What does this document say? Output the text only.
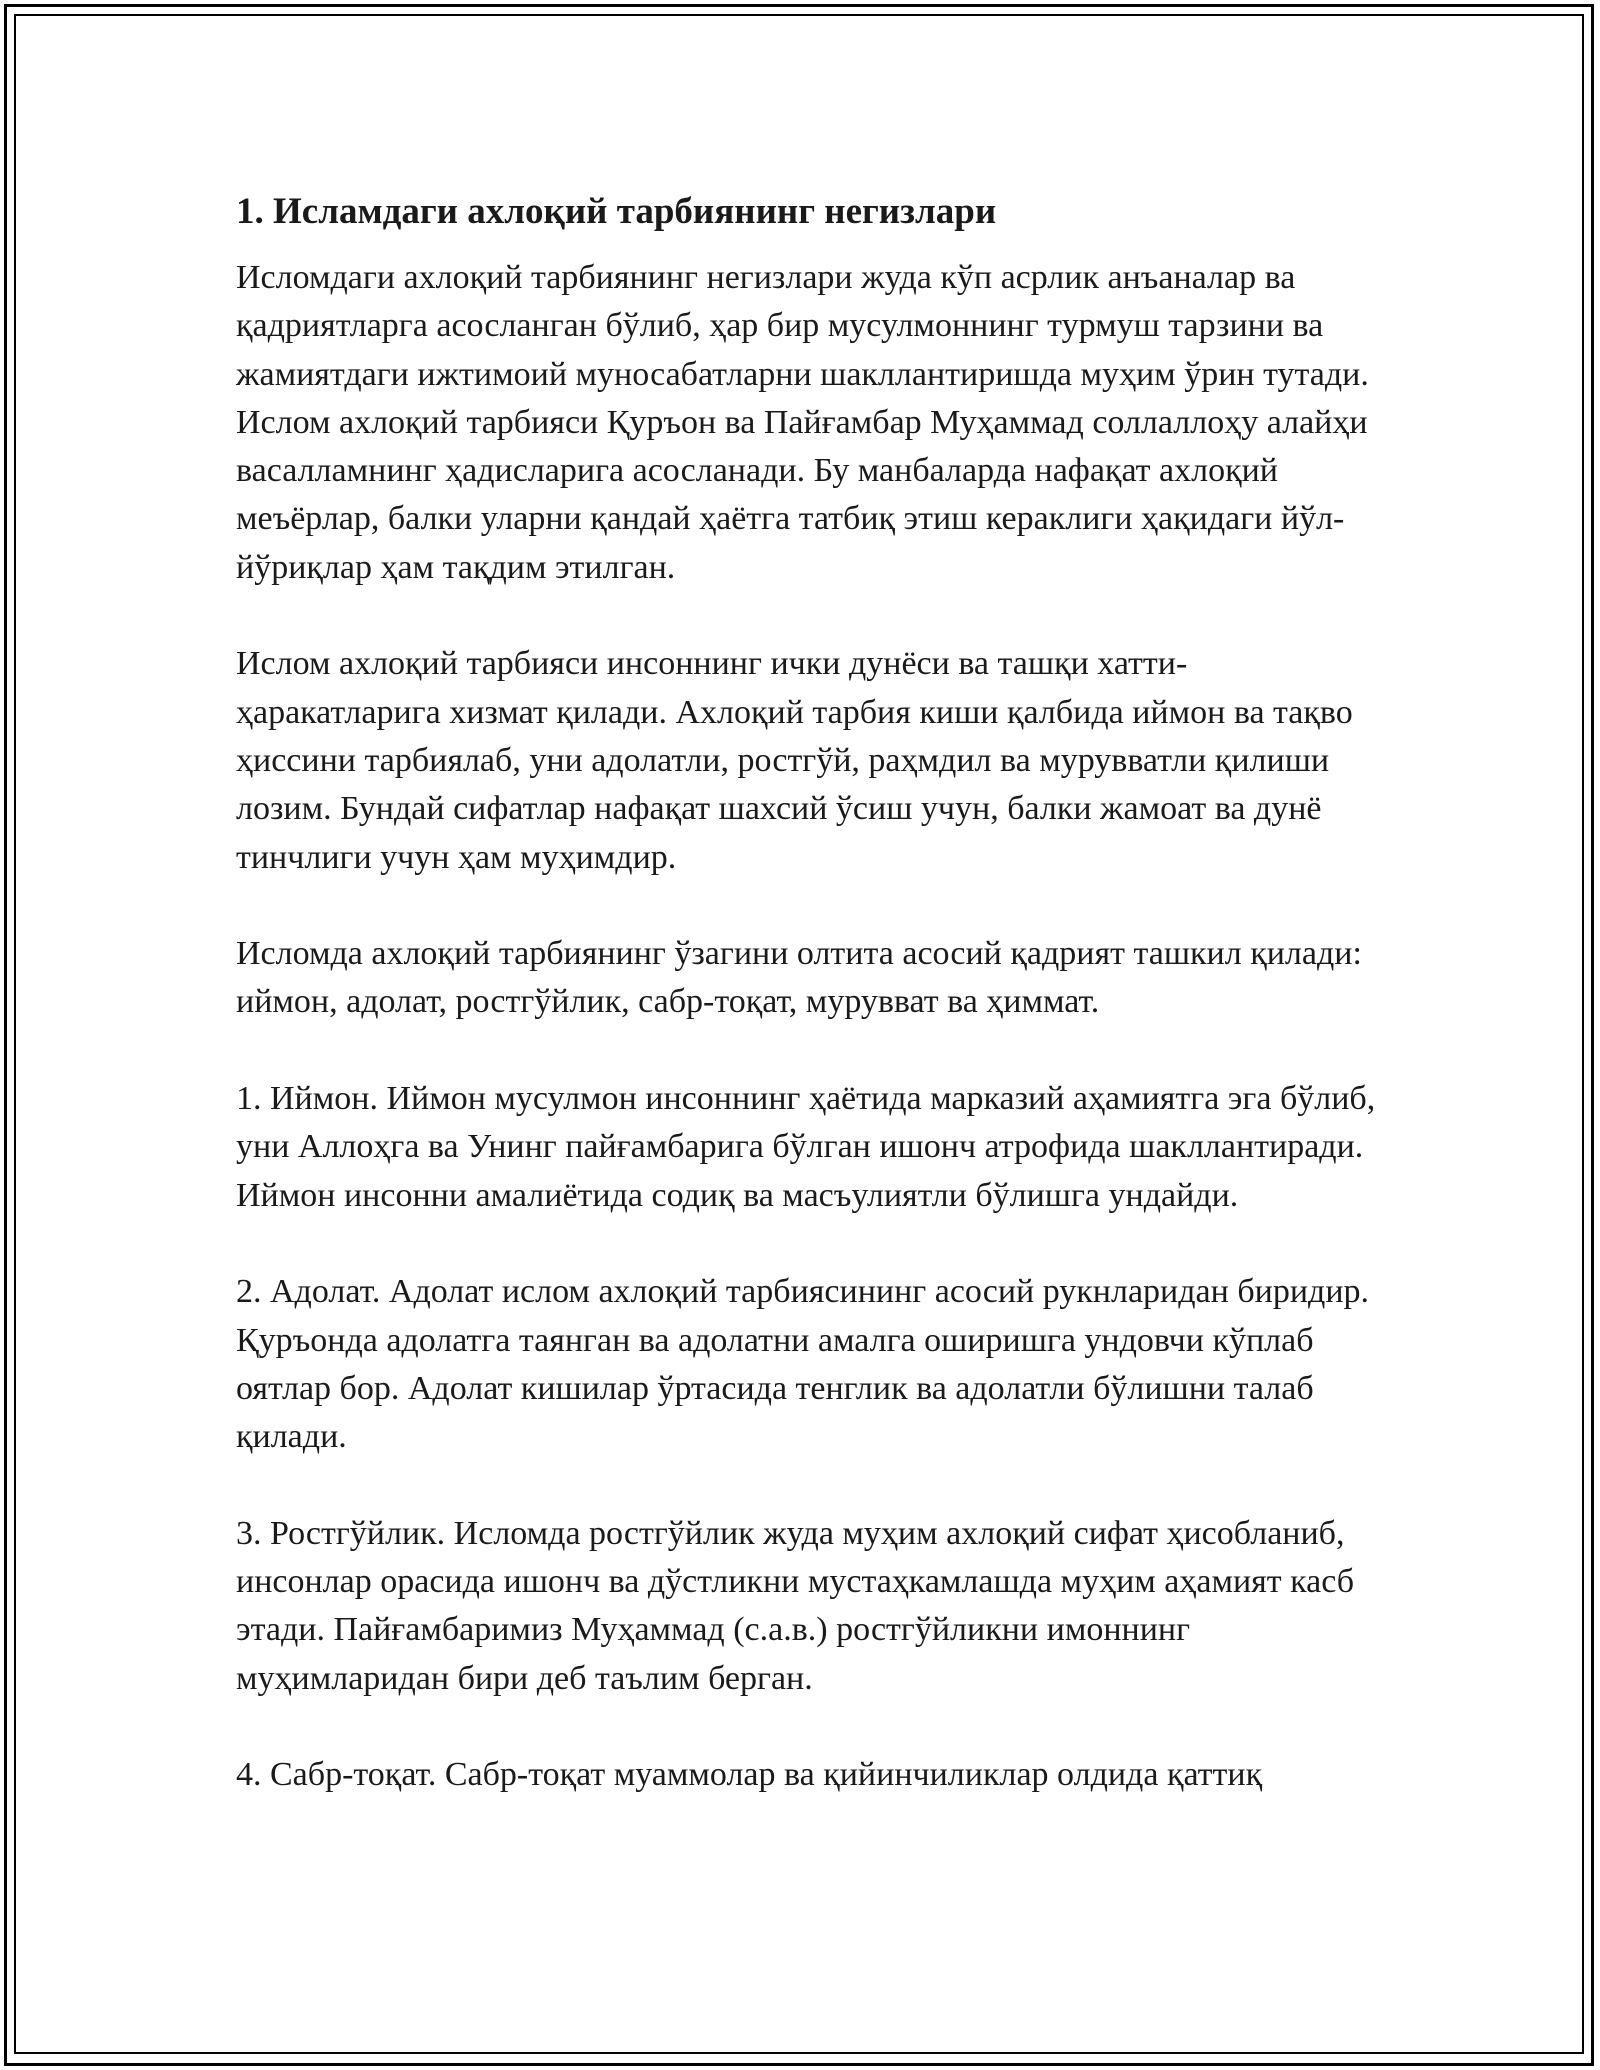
1. Исламдаги ахлоқий тарбиянинг негизлари

Исломдаги ахлоқий тарбиянинг негизлари жуда кўп асрлик анъаналар ва қадриятларга асосланган бўлиб, ҳар бир мусулмоннинг турмуш тарзини ва жамиятдаги ижтимоий муносабатларни шакллантиришда муҳим ўрин тутади. Ислом ахлоқий тарбияси Қуръон ва Пайғамбар Муҳаммад соллаллоҳу алайҳи васалламнинг ҳадисларига асосланади. Бу манбаларда нафақат ахлоқий меъёрлар, балки уларни қандай ҳаётга татбиқ этиш кераклиги ҳақидаги йўл-йўриқлар ҳам тақдим этилган.

Ислом ахлоқий тарбияси инсоннинг ички дунёси ва ташқи хатти-ҳаракатларига хизмат қилади. Ахлоқий тарбия киши қалбида иймон ва тақво ҳиссини тарбиялаб, уни адолатли, ростгўй, раҳмдил ва мурувватли қилиши лозим. Бундай сифатлар нафақат шахсий ўсиш учун, балки жамоат ва дунё тинчлиги учун ҳам муҳимдир.

Исломда ахлоқий тарбиянинг ўзагини олтита асосий қадрият ташкил қилади: иймон, адолат, ростгўйлик, сабр-тоқат, мурувват ва ҳиммат.

1. Иймон. Иймон мусулмон инсоннинг ҳаётида марказий аҳамиятга эга бўлиб, уни Аллоҳга ва Унинг пайғамбарига бўлган ишонч атрофида шакллантиради. Иймон инсонни амалиётида содиқ ва масъулиятли бўлишга ундайди.

2. Адолат. Адолат ислом ахлоқий тарбиясининг асосий рукнларидан биридир. Қуръонда адолатга таянган ва адолатни амалга оширишга ундовчи кўплаб оятлар бор. Адолат кишилар ўртасида тенглик ва адолатли бўлишни талаб қилади.

3. Ростгўйлик. Исломда ростгўйлик жуда муҳим ахлоқий сифат ҳисобланиб, инсонлар орасида ишонч ва дўстликни мустаҳкамлашда муҳим аҳамият касб этади. Пайғамбаримиз Муҳаммад (с.а.в.) ростгўйликни имоннинг муҳимларидан бири деб таълим берган.

4. Сабр-тоқат. Сабр-тоқат муаммолар ва қийинчиликлар олдида қаттиқ
